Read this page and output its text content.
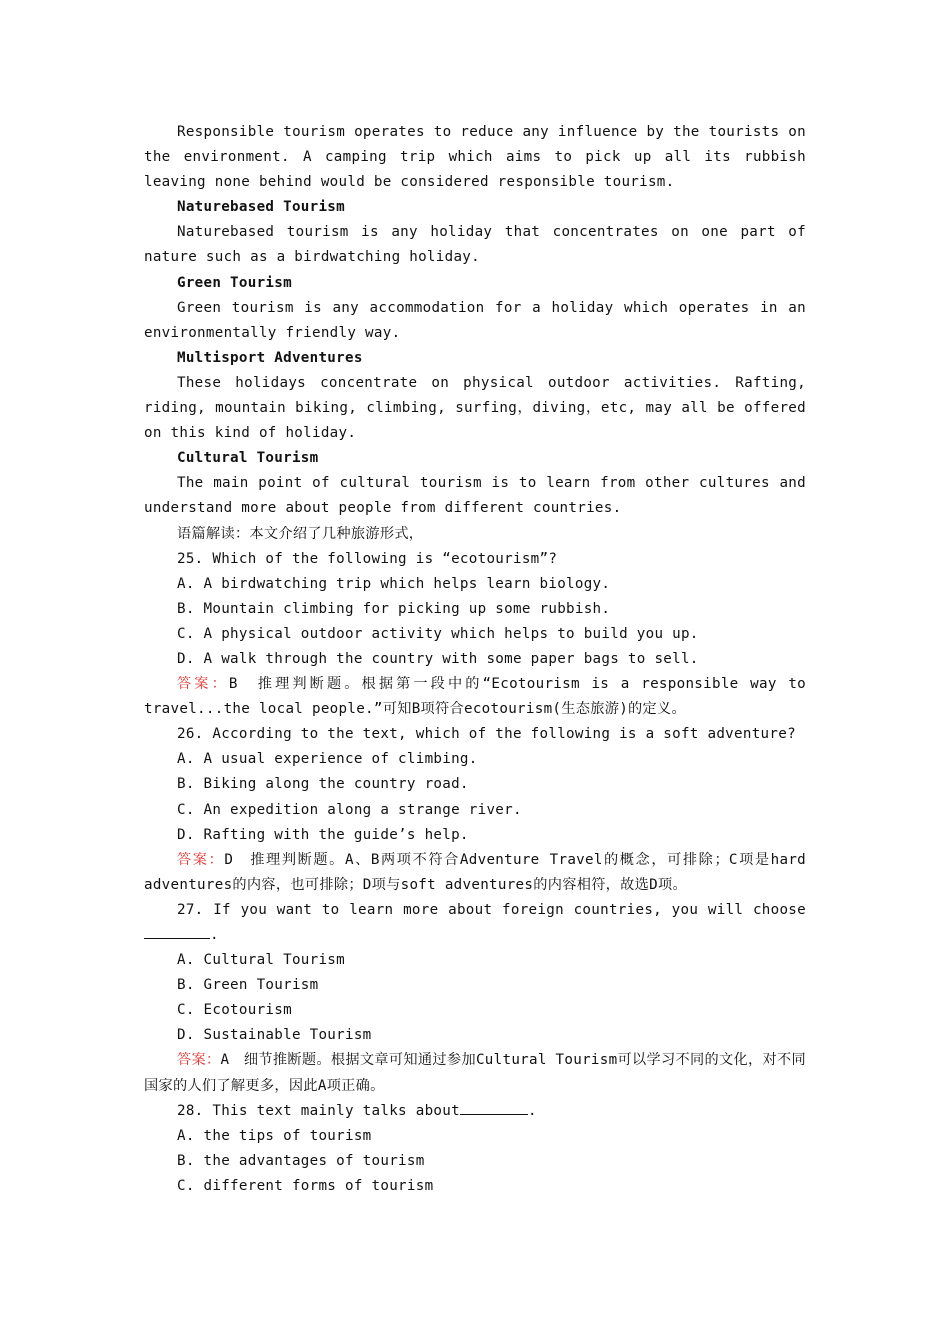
Responsible tourism operates to reduce any influence by the tourists on the environment. A camping trip which aims to pick up all its rubbish leaving none behind would be considered responsible tourism.

Naturebased Tourism

Naturebased tourism is any holiday that concentrates on one part of nature such as a birdwatching holiday.

Green Tourism

Green tourism is any accommodation for a holiday which operates in an environmentally friendly way.

Multisport Adventures

These holidays concentrate on physical outdoor activities. Rafting, riding, mountain biking, climbing, surfing，diving，etc, may all be offered on this kind of holiday.

Cultural Tourism

The main point of cultural tourism is to learn from other cultures and understand more about people from different countries.

语篇解读：本文介绍了几种旅游形式，

25. Which of the following is “ecotourism”?

A. A birdwatching trip which helps learn biology.

B. Mountain climbing for picking up some rubbish.

C. A physical outdoor activity which helps to build you up.

D. A walk through the country with some paper bags to sell.

答案：B　推理判断题。根据第一段中的“Ecotourism is a responsible way to travel...the local people.”可知B项符合ecotourism(生态旅游)的定义。

26. According to the text, which of the following is a soft adventure?

A. A usual experience of climbing.

B. Biking along the country road.

C. An expedition along a strange river.

D. Rafting with the guide’s help.

答案：D　推理判断题。A、B两项不符合Adventure Travel的概念，可排除；C项是hard adventures的内容，也可排除；D项与soft adventures的内容相符，故选D项。

27. If you want to learn more about foreign countries, you will choose .

A. Cultural Tourism

B. Green Tourism

C. Ecotourism

D. Sustainable Tourism

答案：A　细节推断题。根据文章可知通过参加Cultural Tourism可以学习不同的文化，对不同国家的人们了解更多，因此A项正确。

28. This text mainly talks about	.

A. the tips of tourism

B. the advantages of tourism

C. different forms of tourism
